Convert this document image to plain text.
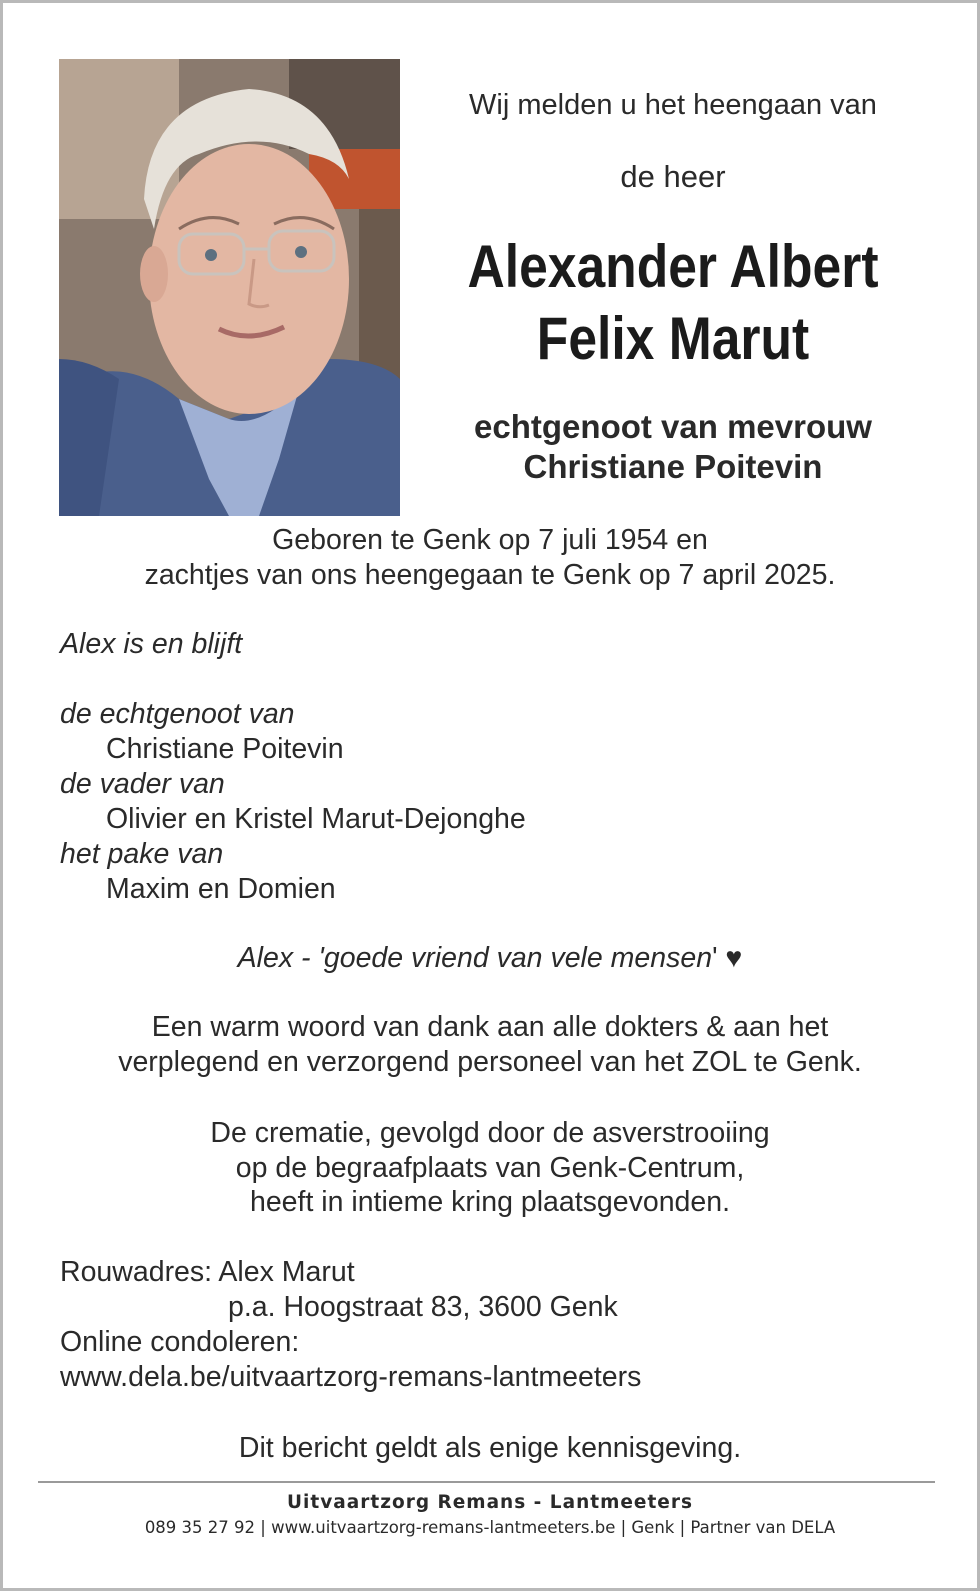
Wij melden u het heengaan van
de heer
Alexander Albert
Felix Marut
echtgenoot van mevrouw
Christiane Poitevin
Geboren te Genk op 7 juli 1954 en
zachtjes van ons heengegaan te Genk op 7 april 2025.
Alex is en blijft
de echtgenoot van
Christiane Poitevin
de vader van
Olivier en Kristel Marut-Dejonghe
het pake van
Maxim en Domien
Alex - 'goede vriend van vele mensen' ♥
Een warm woord van dank aan alle dokters & aan het
verplegend en verzorgend personeel van het ZOL te Genk.
De crematie, gevolgd door de asverstrooiing
op de begraafplaats van Genk-Centrum,
heeft in intieme kring plaatsgevonden.
Rouwadres: Alex Marut
p.a. Hoogstraat 83, 3600 Genk
Online condoleren:
www.dela.be/uitvaartzorg-remans-lantmeeters
Dit bericht geldt als enige kennisgeving.
Uitvaartzorg Remans - Lantmeeters
089 35 27 92 | www.uitvaartzorg-remans-lantmeeters.be | Genk | Partner van DELA
